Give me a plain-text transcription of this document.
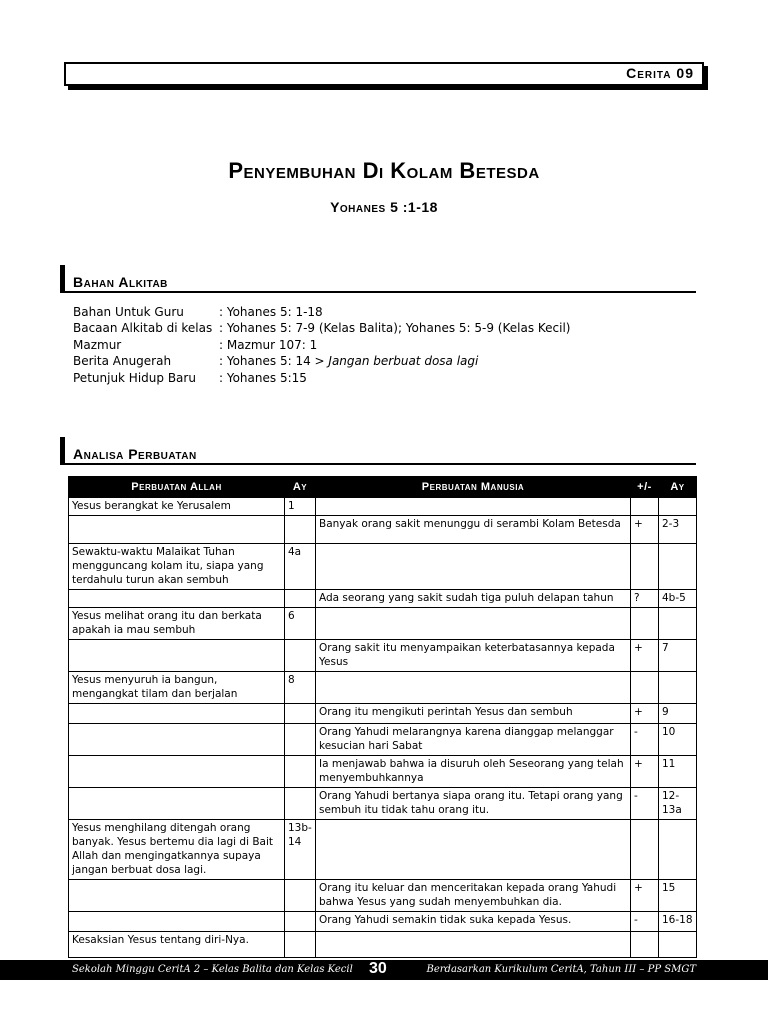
Cerita 09
Penyembuhan Di Kolam Betesda
Yohanes 5 :1-18
Bahan Alkitab
Bahan Untuk Guru	: Yohanes 5: 1-18
Bacaan Alkitab di kelas : Yohanes 5: 7-9 (Kelas Balita); Yohanes 5: 5-9 (Kelas Kecil)
Mazmur	: Mazmur 107: 1
Berita Anugerah	: Yohanes 5: 14 > Jangan berbuat dosa lagi
Petunjuk Hidup Baru : Yohanes 5:15
Analisa Perbuatan
Perbuatan Allah	Ay	Perbuatan Manusia	+/-	Ay
Yesus berangkat ke Yerusalem	1			
		Banyak orang sakit menunggu di serambi Kolam Betesda	+	2-3
Sewaktu-waktu Malaikat Tuhan mengguncang kolam itu, siapa yang terdahulu turun akan sembuh	4a			
		Ada seorang yang sakit sudah tiga puluh delapan tahun	?	4b-5
Yesus melihat orang itu dan berkata apakah ia mau sembuh	6			
		Orang sakit itu menyampaikan keterbatasannya kepada Yesus	+	7
Yesus menyuruh ia bangun, mengangkat tilam dan berjalan	8			
		Orang itu mengikuti perintah Yesus dan sembuh	+	9
		Orang Yahudi melarangnya karena dianggap melanggar kesucian hari Sabat	-	10
		Ia menjawab bahwa ia disuruh oleh Seseorang yang telah menyembuhkannya	+	11
		Orang Yahudi bertanya siapa orang itu. Tetapi orang yang sembuh itu tidak tahu orang itu.	-	12-13a
Yesus menghilang ditengah orang banyak. Yesus bertemu dia lagi di Bait Allah dan mengingatkannya supaya jangan berbuat dosa lagi.	13b-14			
		Orang itu keluar dan menceritakan kepada orang Yahudi bahwa Yesus yang sudah menyembuhkan dia.	+	15
		Orang Yahudi semakin tidak suka kepada Yesus.	-	16-18
Kesaksian Yesus tentang diri-Nya.				
Sekolah Minggu CeritA 2 – Kelas Balita dan Kelas Kecil 30	Berdasarkan Kurikulum CeritA, Tahun III – PP SMGT
